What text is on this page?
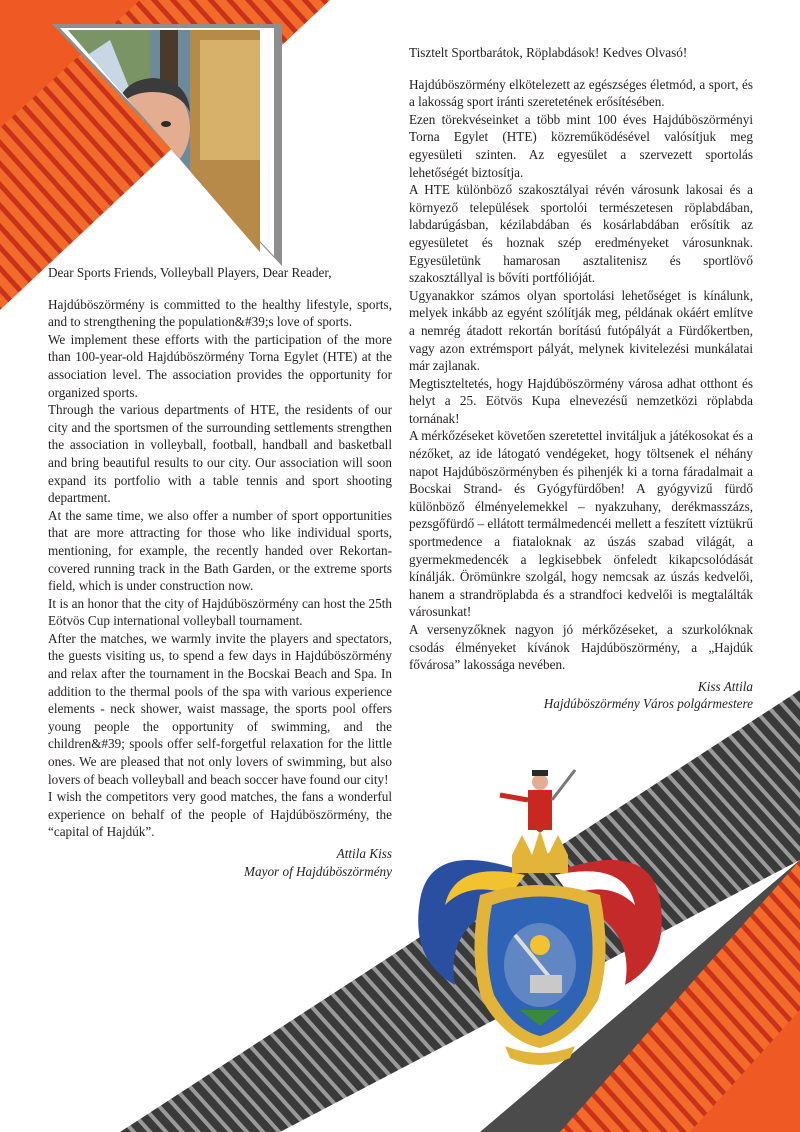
Tisztelt Sportbarátok, Röplabdások! Kedves Olvasó!

Hajdúböszörmény elkötelezett az egészséges életmód, a sport, és a lakosság sport iránti szeretetének erősítésében.

Ezen törekvéseinket a több mint 100 éves Hajdúböszörményi Torna Egylet (HTE) közreműködésével valósítjuk meg egyesületi szinten. Az egyesület a szervezett sportolás lehetőségét biztosítja.

A HTE különböző szakosztályai révén városunk lakosai és a környező települések sportolói természetesen röplabdában, labdarúgásban, kézilabdában és kosárlabdában erősítik az egyesületet és hoznak szép eredményeket városunknak. Egyesületünk hamarosan asztalitenisz és sportlövő szakosztállyal is bővíti portfólióját.

Ugyanakkor számos olyan sportolási lehetőséget is kínálunk, melyek inkább az egyént szólítják meg, példának okáért említve a nemrég átadott rekortán borítású futópályát a Fürdőkertben, vagy azon extrémsport pályát, melynek kivitelezési munkálatai már zajlanak.

Megtiszteltetés, hogy Hajdúböszörmény városa adhat otthont és helyt a 25. Eötvös Kupa elnevezésű nemzetközi röplabda tornának!

A mérkőzéseket követően szeretettel invitáljuk a játékosokat és a nézőket, az ide látogató vendégeket, hogy töltsenek el néhány napot Hajdúböszörményben és pihenjék ki a torna fáradalmait a Bocskai Strand- és Gyógyfürdőben! A gyógyvizű fürdő különböző élményelemekkel – nyakzuhany, derékmasszázs, pezsgőfürdő – ellátott termálmedencéi mellett a feszített víztükrű sportmedence a fiataloknak az úszás szabad világát, a gyermekmedencék a legkisebbek önfeledt kikapcsolódását kínálják. Örömünkre szolgál, hogy nemcsak az úszás kedvelői, hanem a strandröplabda és a strandfoci kedvelői is megtalálták városunkat!

A versenyzőknek nagyon jó mérkőzéseket, a szurkolóknak csodás élményeket kívánok Hajdúböszörmény, a „Hajdúk fővárosa” lakossága nevében.

Kiss Attila

Hajdúböszörmény Város polgármestere

Dear Sports Friends, Volleyball Players, Dear Reader,

Hajdúböszörmény is committed to the healthy lifestyle, sports, and to strengthening the population&#39;s love of sports.

We implement these efforts with the participation of the more than 100-year-old Hajdúböszörmény Torna Egylet (HTE) at the association level. The association provides the opportunity for organized sports.

Through the various departments of HTE, the residents of our city and the sportsmen of the surrounding settlements strengthen the association in volleyball, football, handball and basketball and bring beautiful results to our city. Our association will soon expand its portfolio with a table tennis and sport shooting department.

At the same time, we also offer a number of sport opportunities that are more attracting for those who like individual sports, mentioning, for example, the recently handed over Rekortan-covered running track in the Bath Garden, or the extreme sports field, which is under construction now.

It is an honor that the city of Hajdúböszörmény can host the 25th Eötvös Cup international volleyball tournament.

After the matches, we warmly invite the players and spectators, the guests visiting us, to spend a few days in Hajdúböszörmény and relax after the tournament in the Bocskai Beach and Spa. In addition to the thermal pools of the spa with various experience elements - neck shower, waist massage, the sports pool offers young people the opportunity of swimming, and the children&#39; spools offer self-forgetful relaxation for the little ones. We are pleased that not only lovers of swimming, but also lovers of beach volleyball and beach soccer have found our city!

I wish the competitors very good matches, the fans a wonderful experience on behalf of the people of Hajdúböszörmény, the “capital of Hajdúk”.

Attila Kiss

Mayor of Hajdúböszörmény
